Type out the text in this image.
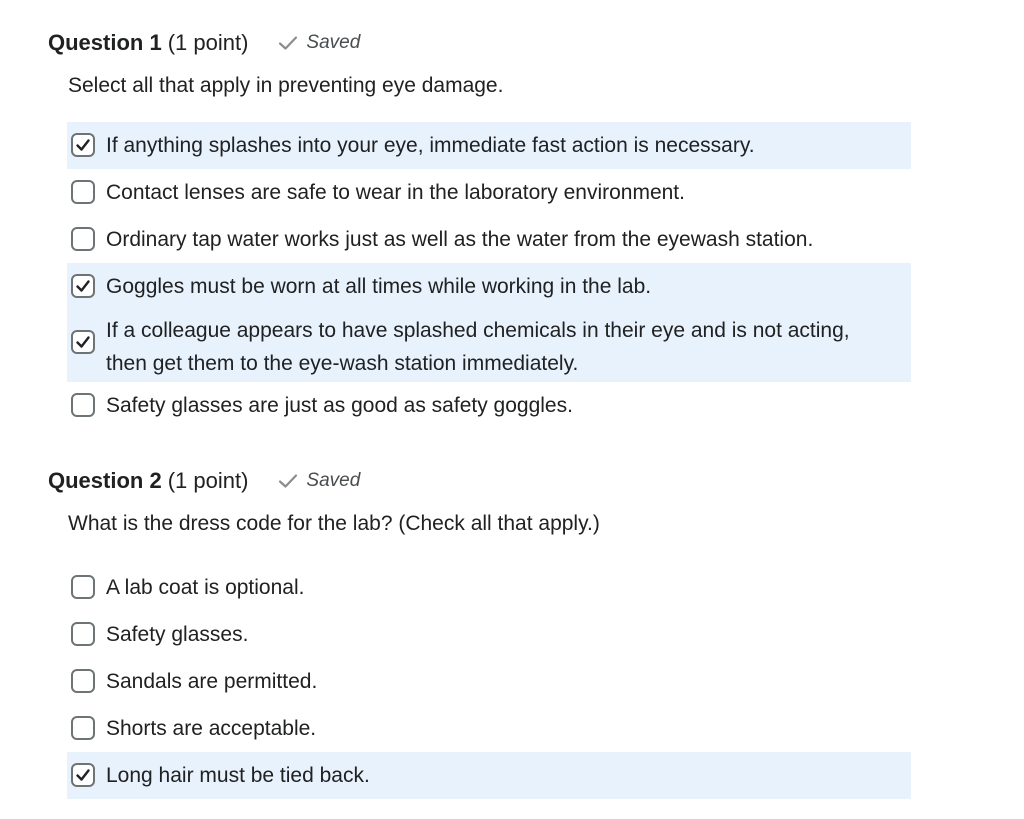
Question 1 (1 point)	Saved
Select all that apply in preventing eye damage.
If anything splashes into your eye, immediate fast action is necessary.
Contact lenses are safe to wear in the laboratory environment.
Ordinary tap water works just as well as the water from the eyewash station.
Goggles must be worn at all times while working in the lab.
If a colleague appears to have splashed chemicals in their eye and is not acting, then get them to the eye-wash station immediately.
Safety glasses are just as good as safety goggles.
Question 2 (1 point)	Saved
What is the dress code for the lab? (Check all that apply.)
A lab coat is optional.
Safety glasses.
Sandals are permitted.
Shorts are acceptable.
Long hair must be tied back.
